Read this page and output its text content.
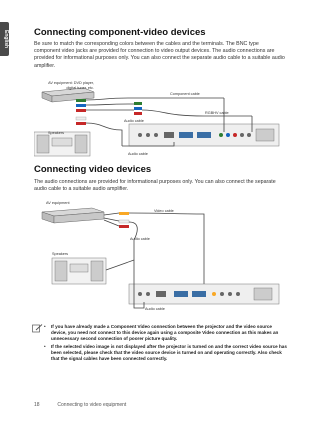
English	Connecting component-video devices
Be sure to match the corresponding colors between the cables and the terminals. The BNC type component video jacks are provided for connection to video output devices. The audio connections are provided for informational purposes only. You can also connect the separate audio cable to a suitable audio amplifier.
AV equipment: DVD player, digital tuner, etc.
Component cable
RGBHV cable
Audio cable
Speakers
Audio cable
Connecting video devices
The audio connections are provided for informational purposes only. You can also connect the separate audio cable to a suitable audio amplifier.
AV equipment
Video cable
Audio cable
Speakers
Audio cable
• If you have already made a Component Video connection between the projector and the video source device, you need not connect to this device again using a composite Video connection as this makes an unnecessary second connection of poorer picture quality.
• If the selected video image is not displayed after the projector is turned on and the correct video source has been selected, please check that the video source device is turned on and operating correctly. Also check that the signal cables have been connected correctly.
18	Connecting to video equipment
